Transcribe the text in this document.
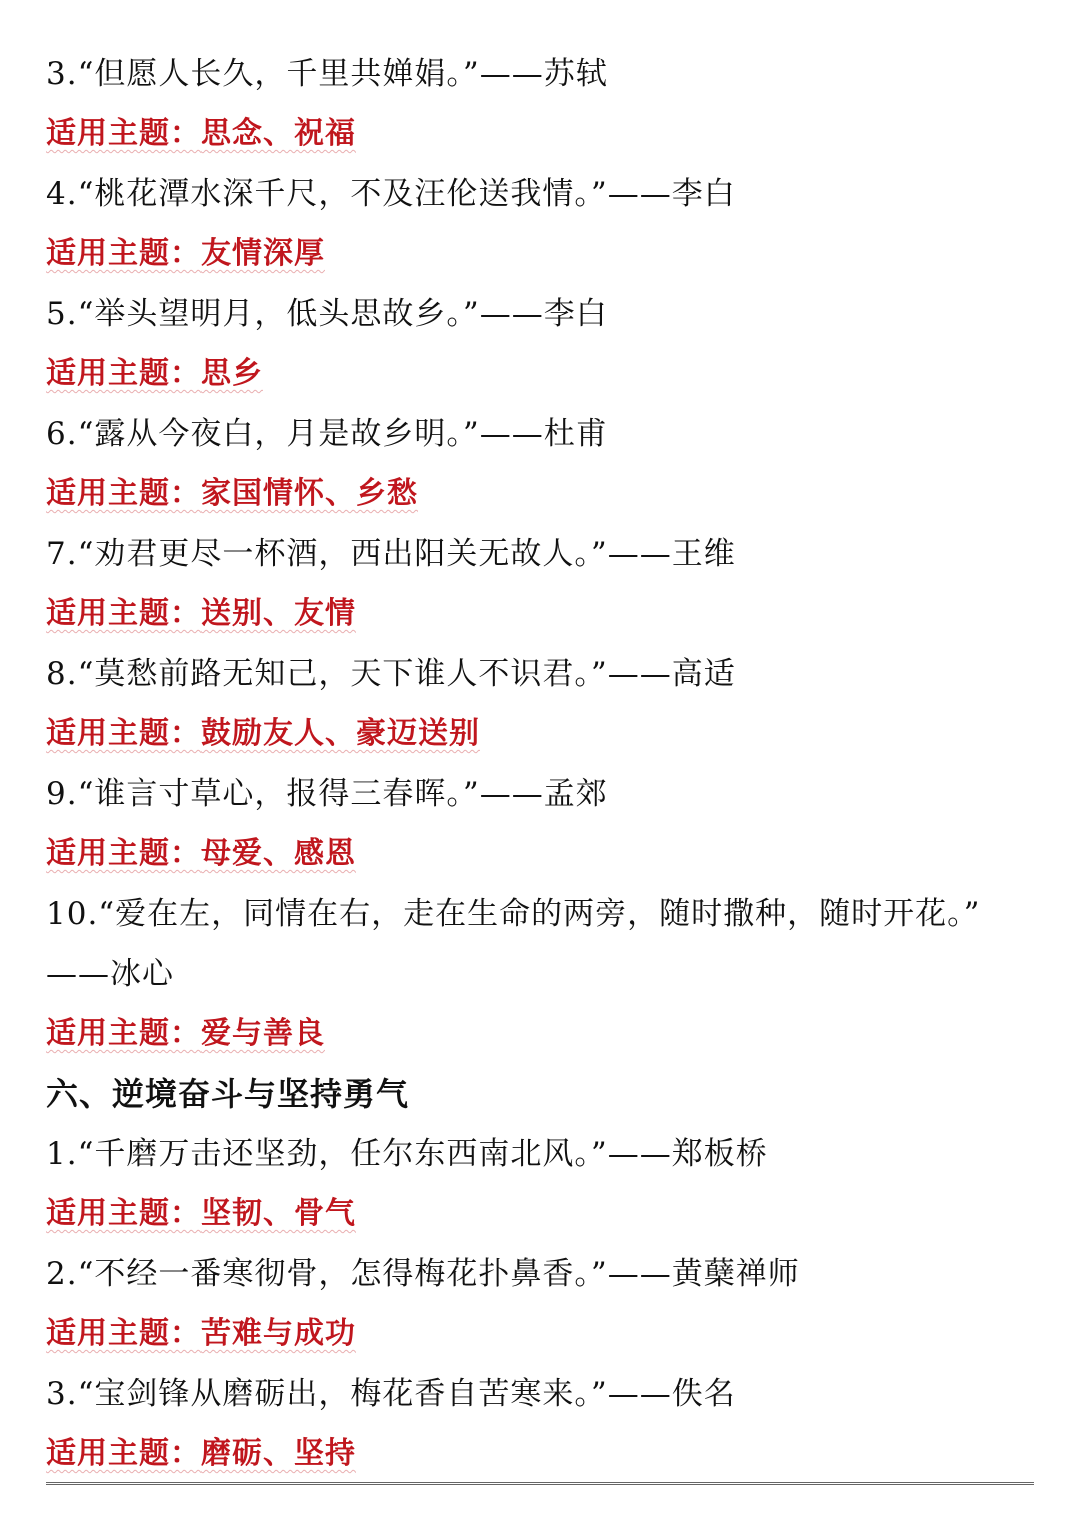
3.“但愿人长久，千里共婵娟。”——苏轼
适用主题：思念、祝福
4.“桃花潭水深千尺，不及汪伦送我情。”——李白
适用主题：友情深厚
5.“举头望明月，低头思故乡。”——李白
适用主题：思乡
6.“露从今夜白，月是故乡明。”——杜甫
适用主题：家国情怀、乡愁
7.“劝君更尽一杯酒，西出阳关无故人。”——王维
适用主题：送别、友情
8.“莫愁前路无知己，天下谁人不识君。”——高适
适用主题：鼓励友人、豪迈送别
9.“谁言寸草心，报得三春晖。”——孟郊
适用主题：母爱、感恩
10.“爱在左，同情在右，走在生命的两旁，随时撒种，随时开花。”
——冰心
适用主题：爱与善良
六、逆境奋斗与坚持勇气
1.“千磨万击还坚劲，任尔东西南北风。”——郑板桥
适用主题：坚韧、骨气
2.“不经一番寒彻骨，怎得梅花扑鼻香。”——黄蘖禅师
适用主题：苦难与成功
3.“宝剑锋从磨砺出，梅花香自苦寒来。”——佚名
适用主题：磨砺、坚持
